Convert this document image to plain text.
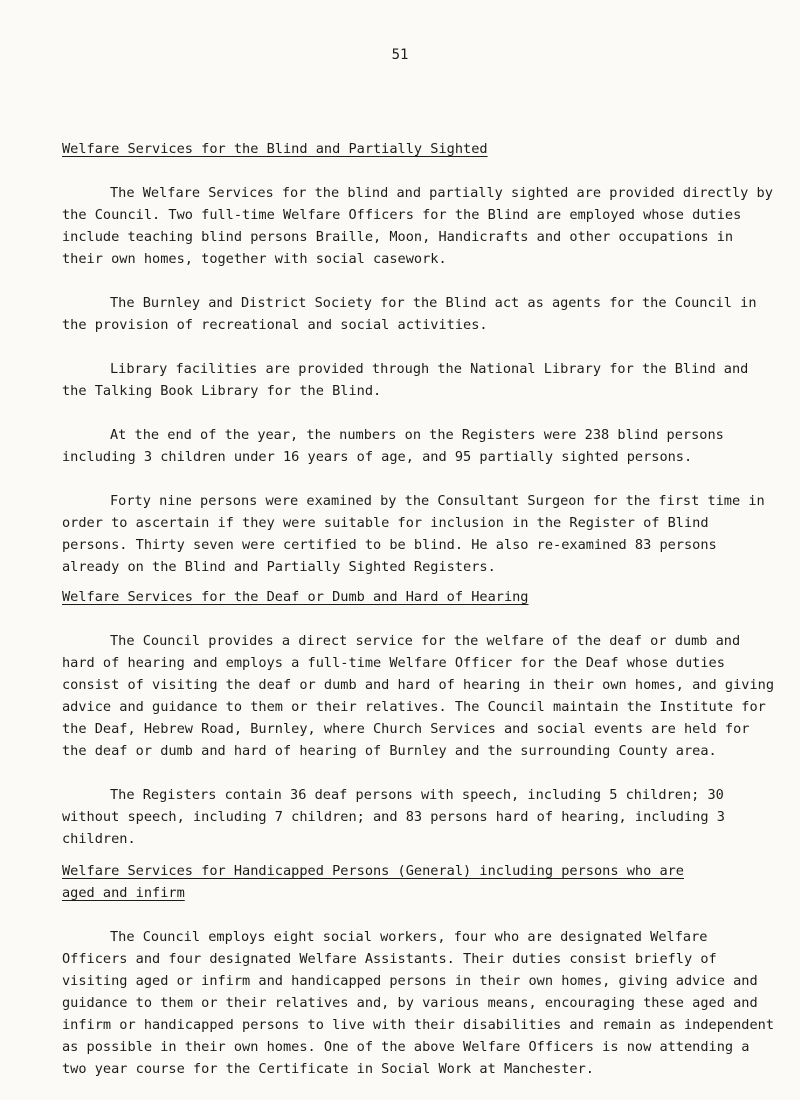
51

Welfare Services for the Blind and Partially Sighted

The Welfare Services for the blind and partially sighted are provided directly by the Council. Two full-time Welfare Officers for the Blind are employed whose duties include teaching blind persons Braille, Moon, Handicrafts and other occupations in their own homes, together with social casework.

The Burnley and District Society for the Blind act as agents for the Council in the provision of recreational and social activities.

Library facilities are provided through the National Library for the Blind and the Talking Book Library for the Blind.

At the end of the year, the numbers on the Registers were 238 blind persons including 3 children under 16 years of age, and 95 partially sighted persons.

Forty nine persons were examined by the Consultant Surgeon for the first time in order to ascertain if they were suitable for inclusion in the Register of Blind persons. Thirty seven were certified to be blind. He also re-examined 83 persons already on the Blind and Partially Sighted Registers.

Welfare Services for the Deaf or Dumb and Hard of Hearing

The Council provides a direct service for the welfare of the deaf or dumb and hard of hearing and employs a full-time Welfare Officer for the Deaf whose duties consist of visiting the deaf or dumb and hard of hearing in their own homes, and giving advice and guidance to them or their relatives. The Council maintain the Institute for the Deaf, Hebrew Road, Burnley, where Church Services and social events are held for the deaf or dumb and hard of hearing of Burnley and the surrounding County area.

The Registers contain 36 deaf persons with speech, including 5 children; 30 without speech, including 7 children; and 83 persons hard of hearing, including 3 children.

Welfare Services for Handicapped Persons (General) including persons who are
aged and infirm

The Council employs eight social workers, four who are designated Welfare Officers and four designated Welfare Assistants. Their duties consist briefly of visiting aged or infirm and handicapped persons in their own homes, giving advice and guidance to them or their relatives and, by various means, encouraging these aged and infirm or handicapped persons to live with their disabilities and remain as independent as possible in their own homes. One of the above Welfare Officers is now attending a two year course for the Certificate in Social Work at Manchester.
